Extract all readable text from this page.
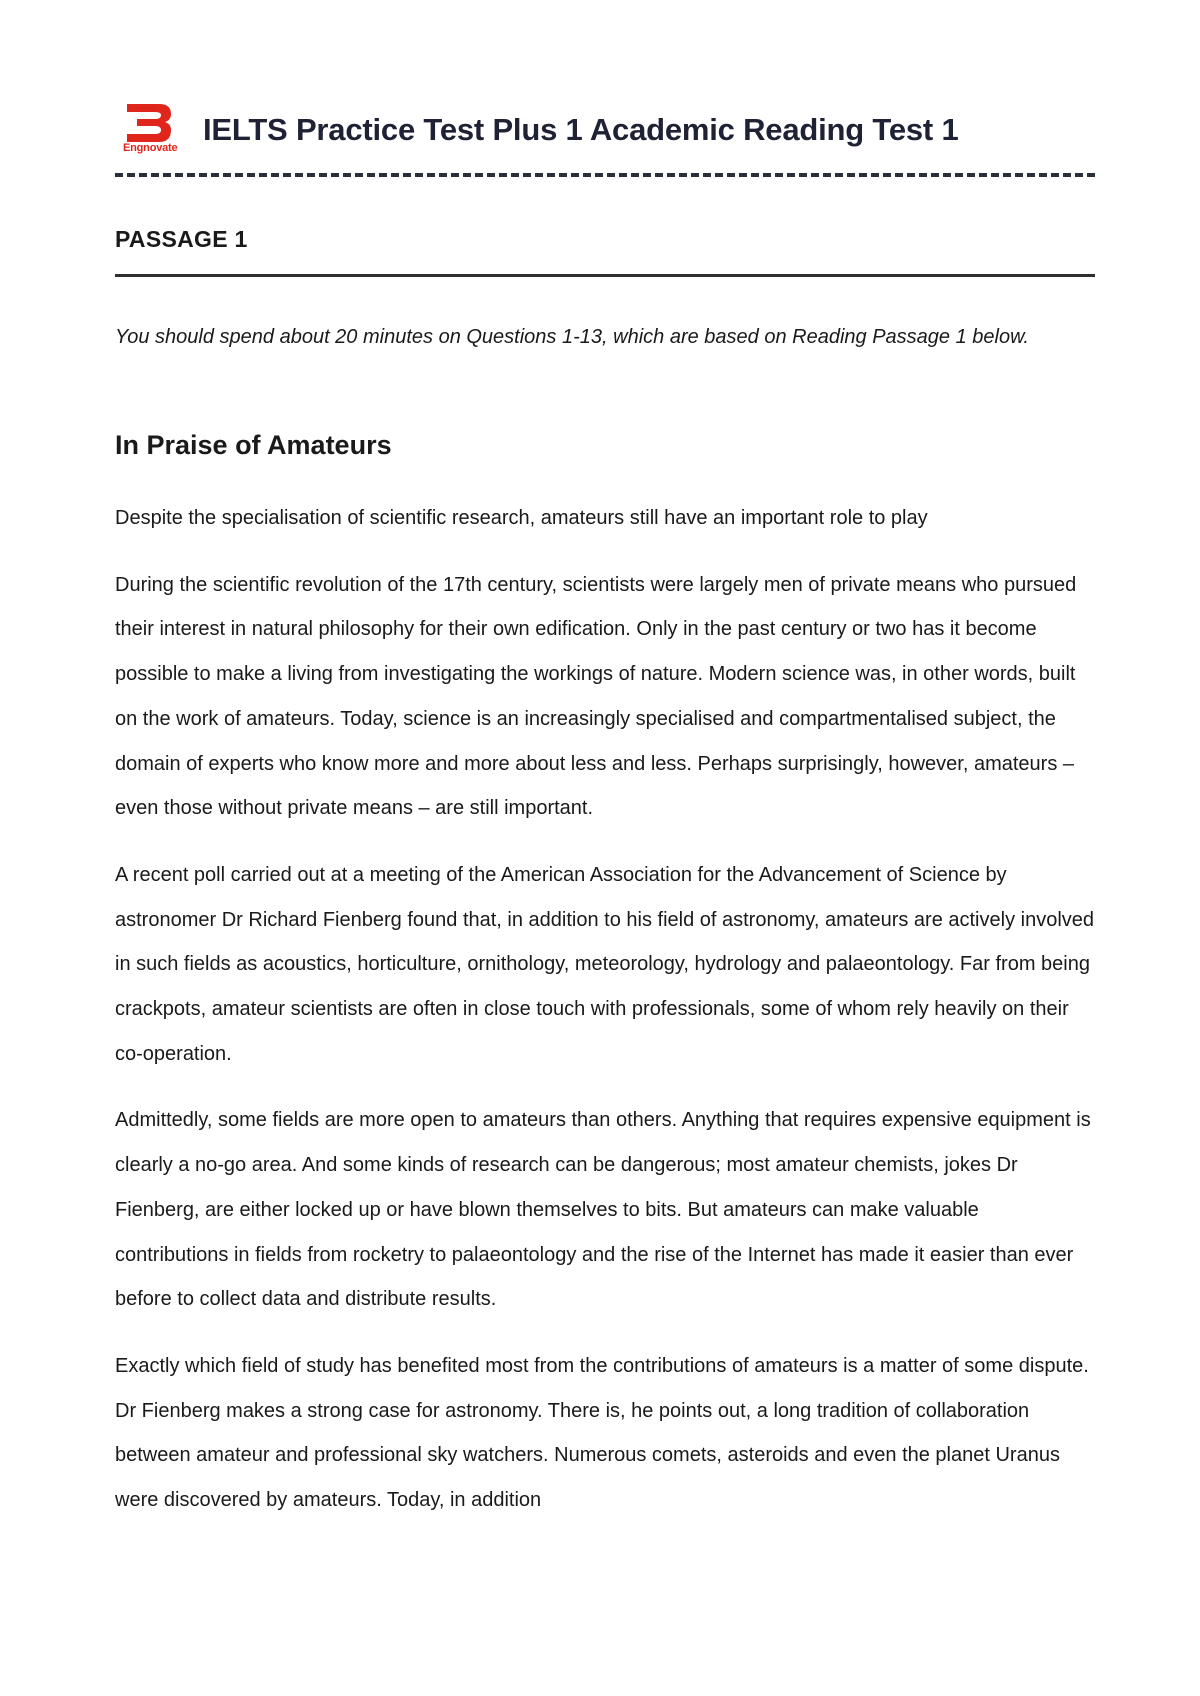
Engnovate
IELTS Practice Test Plus 1 Academic Reading Test 1
PASSAGE 1

You should spend about 20 minutes on Questions 1-13, which are based on Reading Passage 1 below.

In Praise of Amateurs

Despite the specialisation of scientific research, amateurs still have an important role to play

During the scientific revolution of the 17th century, scientists were largely men of private means who pursued their interest in natural philosophy for their own edification. Only in the past century or two has it become possible to make a living from investigating the workings of nature. Modern science was, in other words, built on the work of amateurs. Today, science is an increasingly specialised and compartmentalised subject, the domain of experts who know more and more about less and less. Perhaps surprisingly, however, amateurs – even those without private means – are still important.

A recent poll carried out at a meeting of the American Association for the Advancement of Science by astronomer Dr Richard Fienberg found that, in addition to his field of astronomy, amateurs are actively involved in such fields as acoustics, horticulture, ornithology, meteorology, hydrology and palaeontology. Far from being crackpots, amateur scientists are often in close touch with professionals, some of whom rely heavily on their co-operation.

Admittedly, some fields are more open to amateurs than others. Anything that requires expensive equipment is clearly a no-go area. And some kinds of research can be dangerous; most amateur chemists, jokes Dr Fienberg, are either locked up or have blown themselves to bits. But amateurs can make valuable contributions in fields from rocketry to palaeontology and the rise of the Internet has made it easier than ever before to collect data and distribute results.

Exactly which field of study has benefited most from the contributions of amateurs is a matter of some dispute. Dr Fienberg makes a strong case for astronomy. There is, he points out, a long tradition of collaboration between amateur and professional sky watchers. Numerous comets, asteroids and even the planet Uranus were discovered by amateurs. Today, in addition
